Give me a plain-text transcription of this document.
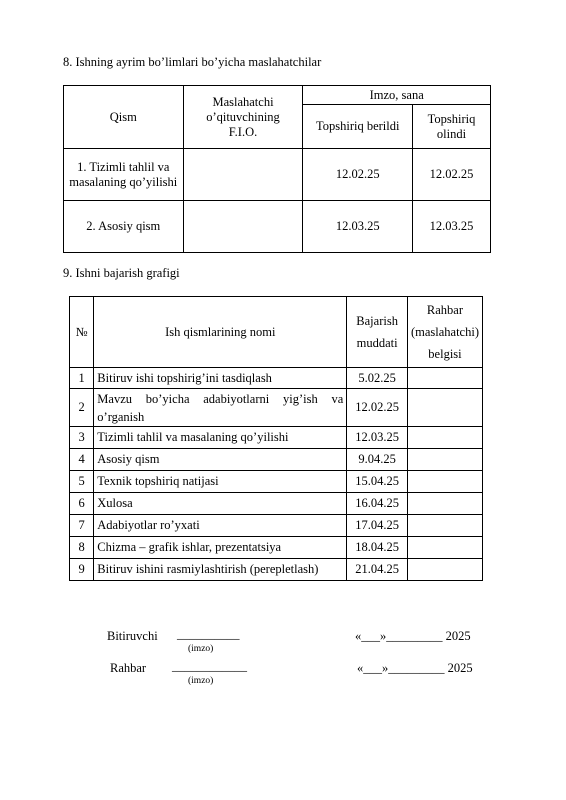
8. Ishning ayrim bo’limlari bo’yicha maslahatchilar
Qism	Maslahatchi o’qituvchining F.I.O.	Imzo, sana	
		Topshiriq berildi	Topshiriq olindi
1. Tizimli tahlil va masalaning qo’yilishi		12.02.25	12.02.25
2. Asosiy qism		12.03.25	12.03.25
9. Ishni bajarish grafigi
№	Ish qismlarining nomi	Bajarish muddati	Rahbar (maslahatchi) belgisi
1	Bitiruv ishi topshirig’ini tasdiqlash	5.02.25	
2	Mavzu bo’yicha adabiyotlarni yig’ish va
o’rganish	12.02.25	
3	Tizimli tahlil va masalaning qo’yilishi	12.03.25	
4	Asosiy qism	9.04.25	
5	Texnik topshiriq natijasi	15.04.25	
6	Xulosa	16.04.25	
7	Adabiyotlar ro’yxati	17.04.25	
8	Chizma – grafik ishlar, prezentatsiya	18.04.25	
9	Bitiruv ishini rasmiylashtirish (perepletlash)	21.04.25	
Bitiruvchi __________
(imzo)
«___»_________ 2025
Rahbar ____________
(imzo)
«___»_________ 2025
